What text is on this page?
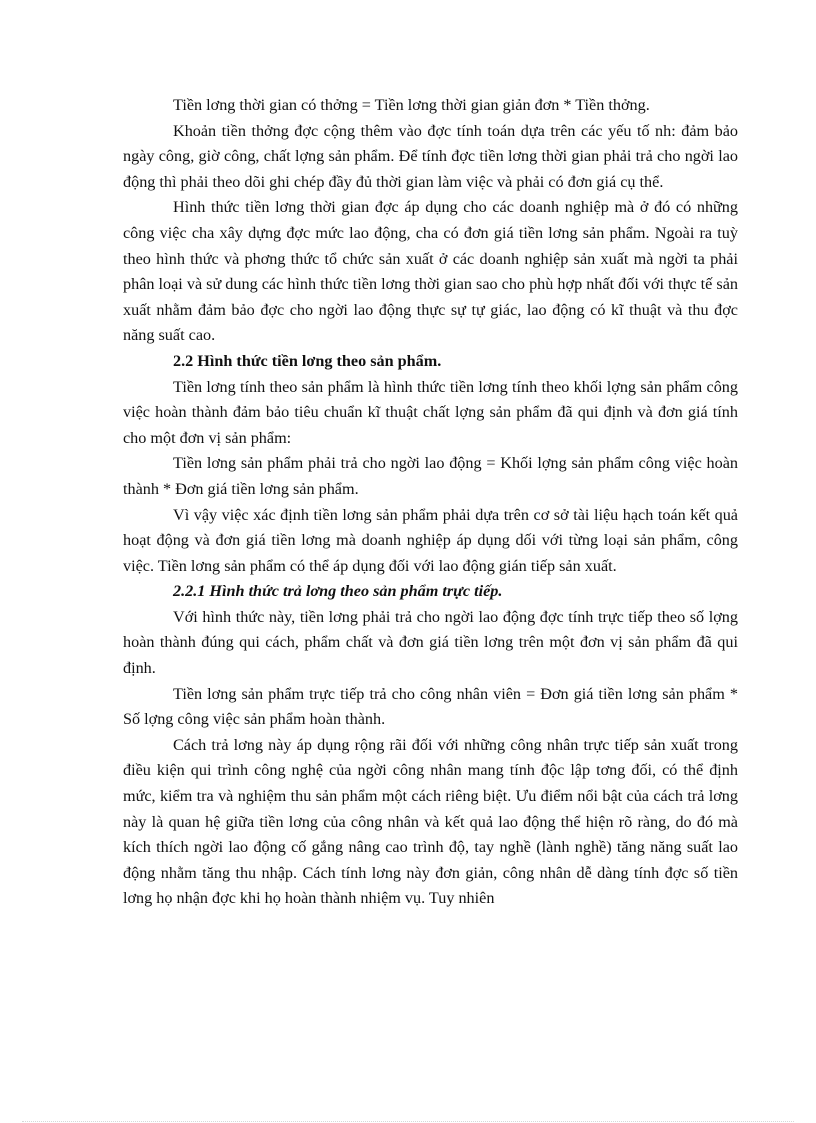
Tiền lơng thời gian có thởng = Tiền lơng thời gian giản đơn * Tiền thởng.

Khoản tiền thởng đợc cộng thêm vào đợc tính toán dựa trên các yếu tố nh: đảm bảo ngày công, giờ công, chất lợng sản phẩm. Để tính đợc tiền lơng thời gian phải trả cho ngời lao động thì phải theo dõi ghi chép đầy đủ thời gian làm việc và phải có đơn giá cụ thể.

Hình thức tiền lơng thời gian đợc áp dụng cho các doanh nghiệp mà ở đó có những công việc cha xây dựng đợc mức lao động, cha có đơn giá tiền lơng sản phẩm. Ngoài ra tuỳ theo hình thức và phơng thức tổ chức sản xuất ở các doanh nghiệp sản xuất mà ngời ta phải phân loại và sử dung các hình thức tiền lơng thời gian sao cho phù hợp nhất đối với thực tế sản xuất nhằm đảm bảo đợc cho ngời lao động thực sự tự giác, lao động có kĩ thuật và thu đợc năng suất cao.

2.2 Hình thức tiền lơng theo sản phẩm.

Tiền lơng tính theo sản phẩm là hình thức tiền lơng tính theo khối lợng sản phẩm công việc hoàn thành đảm bảo tiêu chuẩn kĩ thuật chất lợng sản phẩm đã qui định và đơn giá tính cho một đơn vị sản phẩm:

Tiền lơng sản phẩm phải trả cho ngời lao động = Khối lợng sản phẩm công việc hoàn thành * Đơn giá tiền lơng sản phẩm.

Vì vậy việc xác định tiền lơng sản phẩm phải dựa trên cơ sở tài liệu hạch toán kết quả hoạt động và đơn giá tiền lơng mà doanh nghiệp áp dụng dối với từng loại sản phẩm, công việc. Tiền lơng sản phẩm có thể áp dụng đối với lao động gián tiếp sản xuất.

2.2.1 Hình thức trả lơng theo sản phẩm trực tiếp.

Với hình thức này, tiền lơng phải trả cho ngời lao động đợc tính trực tiếp theo số lợng hoàn thành đúng qui cách, phẩm chất và đơn giá tiền lơng trên một đơn vị sản phẩm đã qui định.

Tiền lơng sản phẩm trực tiếp trả cho công nhân viên = Đơn giá tiền lơng sản phẩm * Số lợng công việc sản phẩm hoàn thành.

Cách trả lơng này áp dụng rộng rãi đối với những công nhân trực tiếp sản xuất trong điều kiện qui trình công nghệ của ngời công nhân mang tính độc lập tơng đối, có thể định mức, kiểm tra và nghiệm thu sản phẩm một cách riêng biệt. Ưu điểm nổi bật của cách trả lơng này là quan hệ giữa tiền lơng của công nhân và kết quả lao động thể hiện rõ ràng, do đó mà kích thích ngời lao động cố gắng nâng cao trình độ, tay nghề (lành nghề) tăng năng suất lao động nhằm tăng thu nhập. Cách tính lơng này đơn giản, công nhân dễ dàng tính đợc số tiền lơng họ nhận đợc khi họ hoàn thành nhiệm vụ. Tuy nhiên
